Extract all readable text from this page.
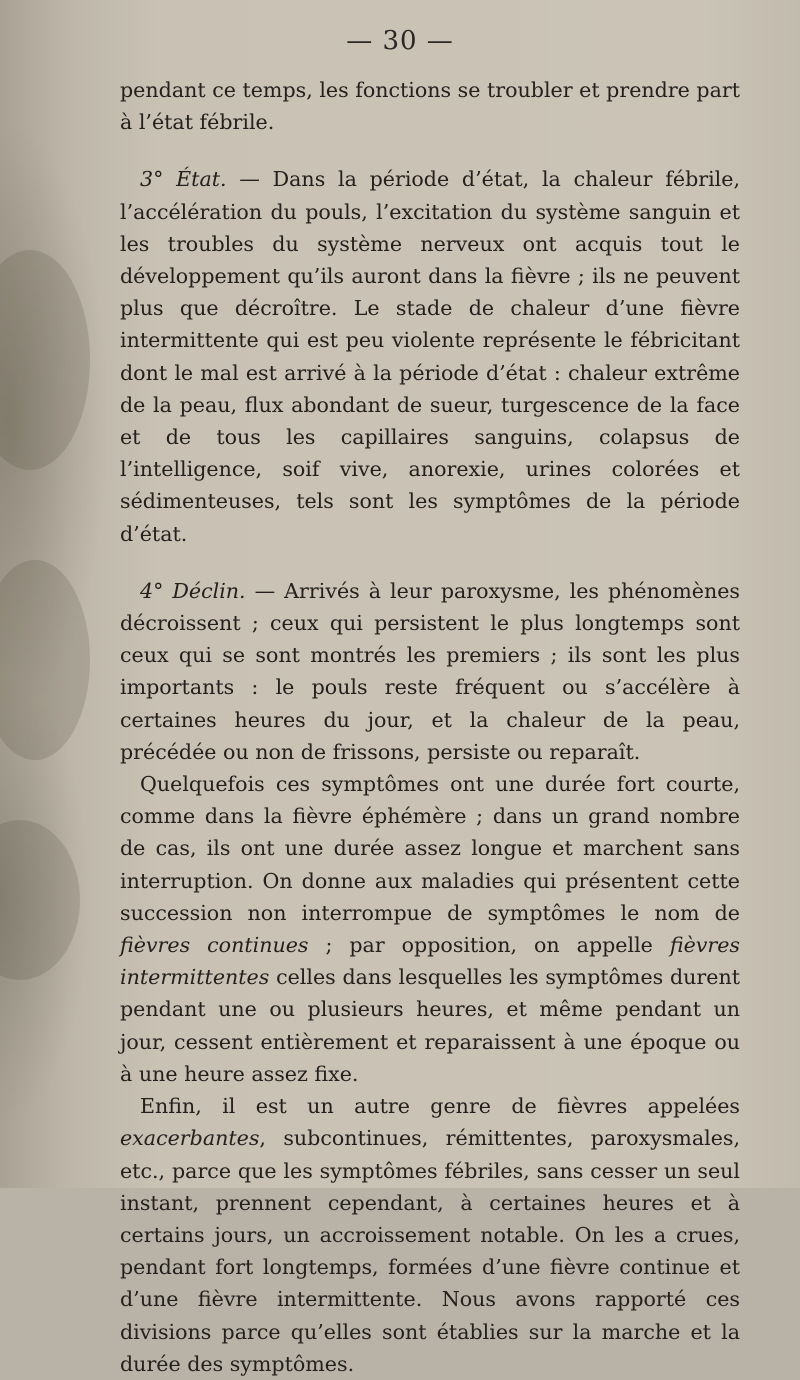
— 30 —

pendant ce temps, les fonctions se troubler et prendre part à l’état fébrile.

3° État. — Dans la période d’état, la chaleur fébrile, l’accélération du pouls, l’excitation du système sanguin et les troubles du système nerveux ont acquis tout le développement qu’ils auront dans la fièvre ; ils ne peuvent plus que décroître. Le stade de chaleur d’une fièvre intermittente qui est peu violente représente le fébricitant dont le mal est arrivé à la période d’état : chaleur extrême de la peau, flux abondant de sueur, turgescence de la face et de tous les capillaires sanguins, colapsus de l’intelligence, soif vive, anorexie, urines colorées et sédimenteuses, tels sont les symptômes de la période d’état.

4° Déclin. — Arrivés à leur paroxysme, les phénomènes décroissent ; ceux qui persistent le plus longtemps sont ceux qui se sont montrés les premiers ; ils sont les plus importants : le pouls reste fréquent ou s’accélère à certaines heures du jour, et la chaleur de la peau, précédée ou non de frissons, persiste ou reparaît.

Quelquefois ces symptômes ont une durée fort courte, comme dans la fièvre éphémère ; dans un grand nombre de cas, ils ont une durée assez longue et marchent sans interruption. On donne aux maladies qui présentent cette succession non interrompue de symptômes le nom de fièvres continues ; par opposition, on appelle fièvres intermittentes celles dans lesquelles les symptômes durent pendant une ou plusieurs heures, et même pendant un jour, cessent entièrement et reparaissent à une époque ou à une heure assez fixe.

Enfin, il est un autre genre de fièvres appelées exacerbantes, subcontinues, rémittentes, paroxysmales, etc., parce que les symptômes fébriles, sans cesser un seul instant, prennent cependant, à certaines heures et à certains jours, un accroissement notable. On les a crues, pendant fort longtemps, formées d’une fièvre continue et d’une fièvre intermittente. Nous avons rapporté ces divisions parce qu’elles sont établies sur la marche et la durée des symptômes.
